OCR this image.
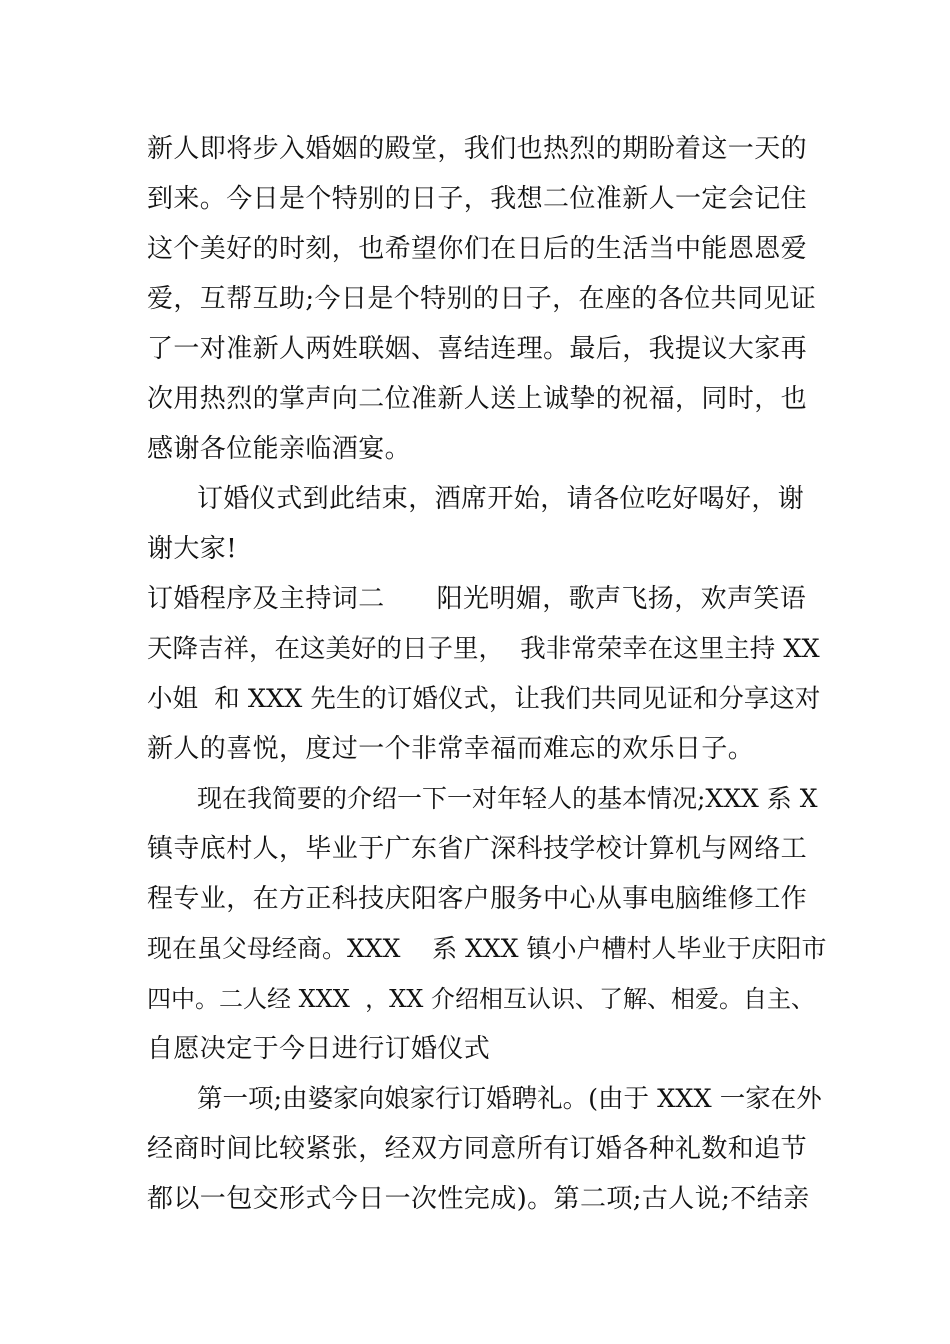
新人即将步入婚姻的殿堂，我们也热烈的期盼着这一天的
到来。今日是个特别的日子，我想二位准新人一定会记住
这个美好的时刻，也希望你们在日后的生活当中能恩恩爱
爱，互帮互助;今日是个特别的日子，在座的各位共同见证
了一对准新人两姓联姻、喜结连理。最后，我提议大家再
次用热烈的掌声向二位准新人送上诚挚的祝福，同时，也
感谢各位能亲临酒宴。
订婚仪式到此结束，酒席开始，请各位吃好喝好，谢
谢大家!
订婚程序及主持词二      阳光明媚，歌声飞扬，欢声笑语
天降吉祥，在这美好的日子里，  我非常荣幸在这里主持 XX
小姐  和 XXX 先生的订婚仪式，让我们共同见证和分享这对
新人的喜悦，度过一个非常幸福而难忘的欢乐日子。
现在我简要的介绍一下一对年轻人的基本情况;XXX 系 X
镇寺底村人，毕业于广东省广深科技学校计算机与网络工
程专业，在方正科技庆阳客户服务中心从事电脑维修工作
现在虽父母经商。XXX    系 XXX 镇小户槽村人毕业于庆阳市
四中。二人经 XXX  ，XX 介绍相互认识、了解、相爱。自主、
自愿决定于今日进行订婚仪式
第一项;由婆家向娘家行订婚聘礼。(由于 XXX 一家在外
经商时间比较紧张，经双方同意所有订婚各种礼数和追节
都以一包交形式今日一次性完成)。第二项;古人说;不结亲
